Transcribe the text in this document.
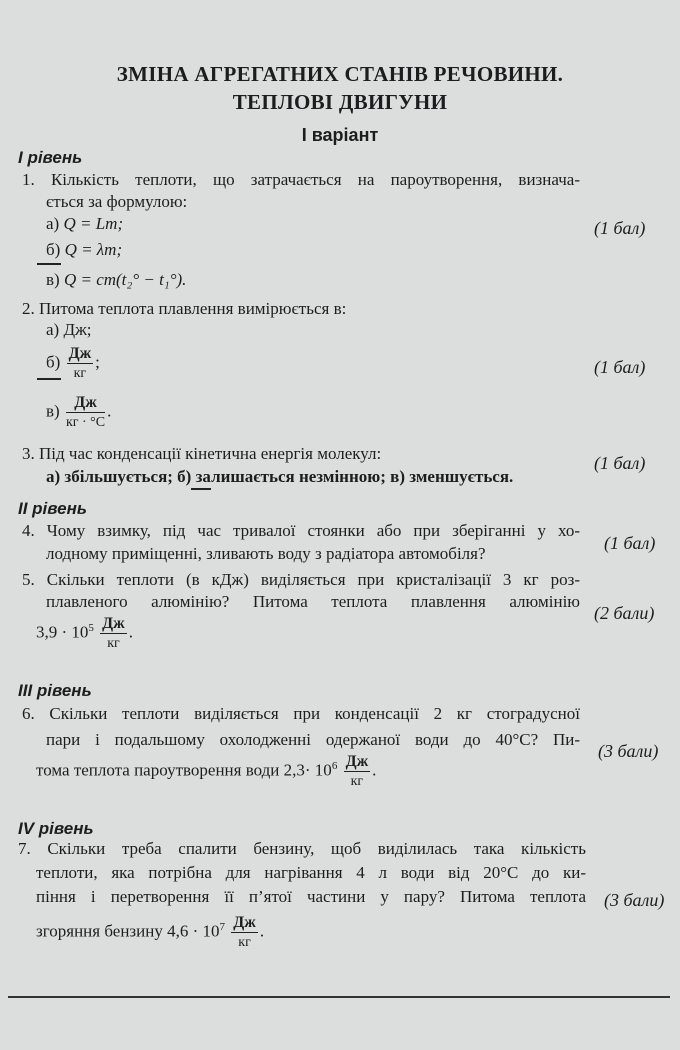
ЗМІНА АГРЕГАТНИХ СТАНІВ РЕЧОВИНИ.
ТЕПЛОВІ ДВИГУНИ
І варіант
І рівень
1. Кількість теплоти, що затрачається на пароутворення, визнача-
ється за формулою:
а) Q = Lm;	(1 бал)
б) Q = λm;
в) Q = cm(t₂° − t₁°).
2. Питома теплота плавлення вимірюється в:
а) Дж;
$б) \frac{Дж}{кг}$ ;	(1 бал)
$в) \frac{Дж}{кг \cdot ^\circ С}$ .
3. Під час конденсації кінетична енергія молекул:
а) збільшується; б) залишається незмінною; в) зменшується.
(1 бал)
ІІ рівень
4. Чому взимку, під час тривалої стоянки або при зберіганні у хо-
лодному приміщенні, зливають воду з радіатора автомобіля?
(1 бал)
5. Скільки теплоти (в кДж) виділяється при кристалізації 3 кг роз-
плавленого алюмінію? Питома теплота плавлення алюмінію
(2 бали)
$3,9 \cdot 10^5 \frac{Дж}{кг}$ .
ІІІ рівень
6. Скільки теплоти виділяється при конденсації 2 кг стоградусної
пари і подальшому охолодженні одержаної води до 40°С? Пи-
(3 бали)
тома теплота пароутворення води $2,3\cdot 10^6 \frac{Дж}{кг}$ .
ІV рівень
7. Скільки треба спалити бензину, щоб виділилась така кількість
теплоти, яка потрібна для нагрівання 4 л води від 20°С до ки-
піння і перетворення її п’ятої частини у пару? Питома теплота (3 бали)
згоряння бензину $4,6 \cdot 10^7 \frac{Дж}{кг}$ .
